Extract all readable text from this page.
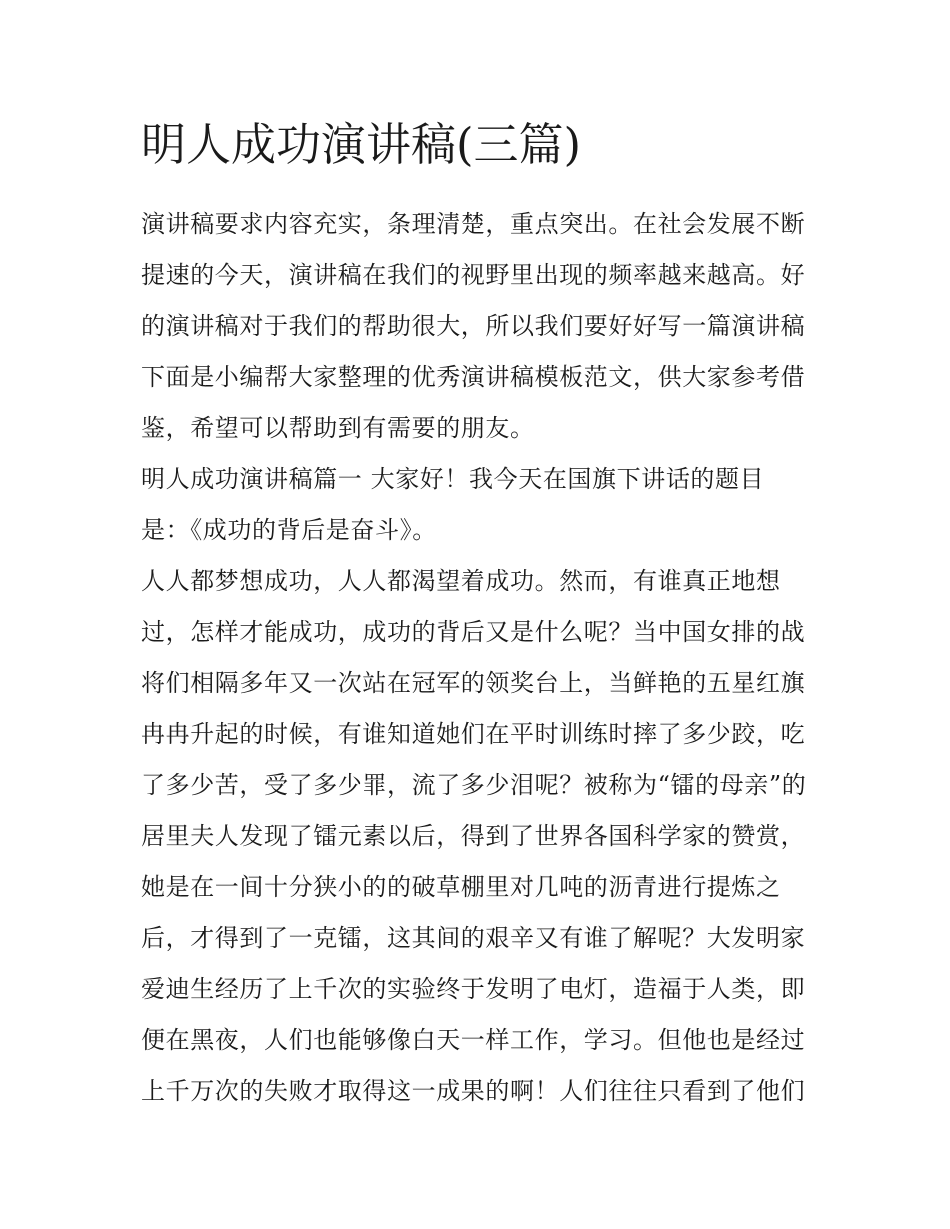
明人成功演讲稿(三篇)
演讲稿要求内容充实，条理清楚，重点突出。在社会发展不断
提速的今天，演讲稿在我们的视野里出现的频率越来越高。好
的演讲稿对于我们的帮助很大，所以我们要好好写一篇演讲稿
下面是小编帮大家整理的优秀演讲稿模板范文，供大家参考借
鉴，希望可以帮助到有需要的朋友。
明人成功演讲稿篇一 大家好！我今天在国旗下讲话的题目
是：《成功的背后是奋斗》。
人人都梦想成功，人人都渴望着成功。然而，有谁真正地想
过，怎样才能成功，成功的背后又是什么呢？当中国女排的战
将们相隔多年又一次站在冠军的领奖台上，当鲜艳的五星红旗
冉冉升起的时候，有谁知道她们在平时训练时摔了多少跤，吃
了多少苦，受了多少罪，流了多少泪呢？被称为“镭的母亲”的
居里夫人发现了镭元素以后，得到了世界各国科学家的赞赏，
她是在一间十分狭小的的破草棚里对几吨的沥青进行提炼之
后，才得到了一克镭，这其间的艰辛又有谁了解呢？大发明家
爱迪生经历了上千次的实验终于发明了电灯，造福于人类，即
便在黑夜，人们也能够像白天一样工作，学习。但他也是经过
上千万次的失败才取得这一成果的啊！人们往往只看到了他们
